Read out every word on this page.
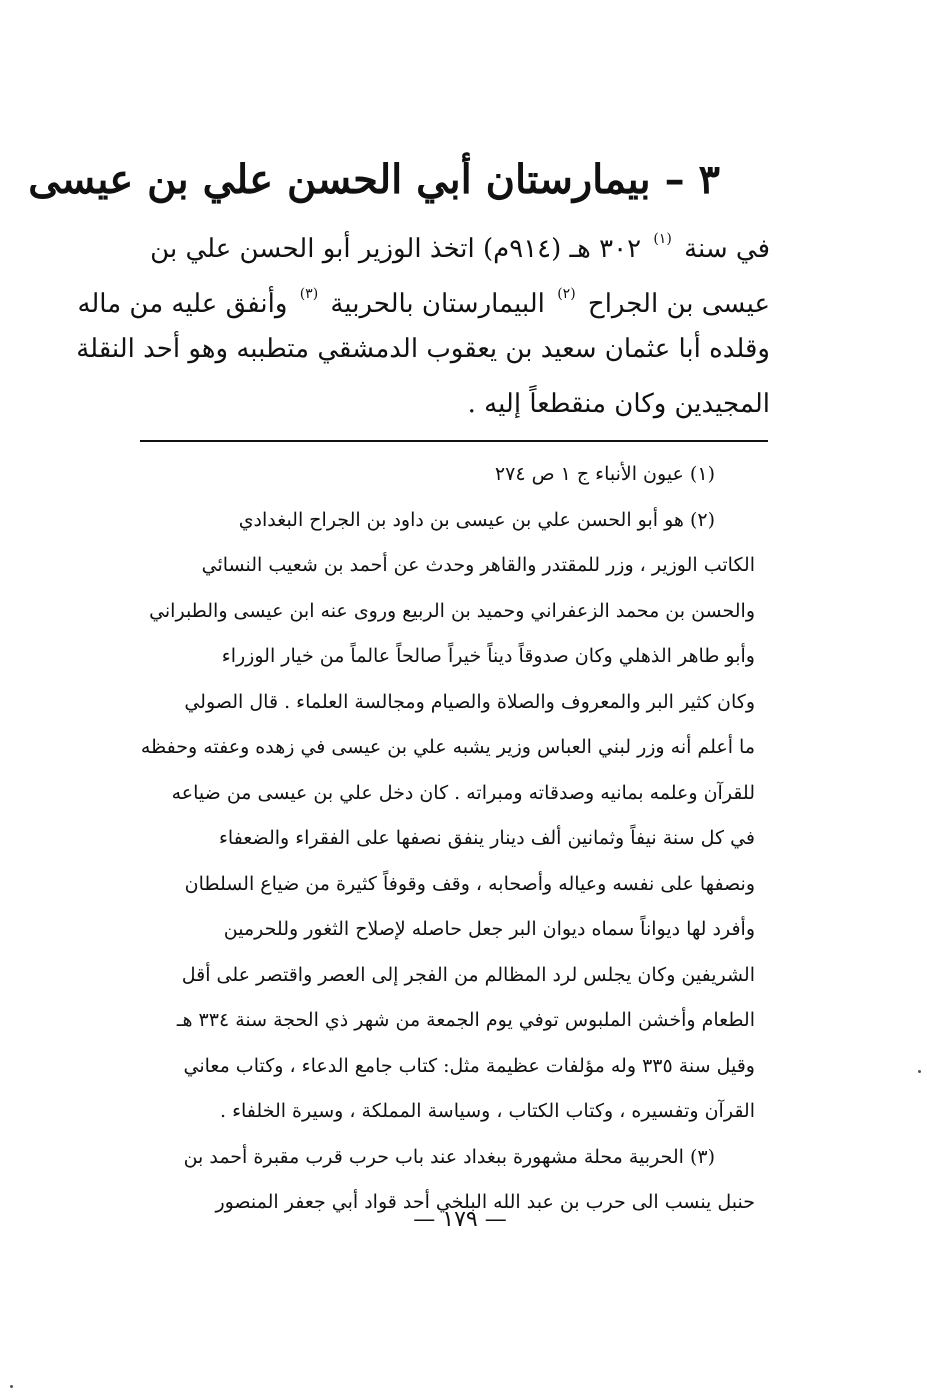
٣ – بيمارستان أبي الحسن علي بن عيسى
في سنة $^{(١)}$ ٣٠٢ هـ (٩١٤م) اتخذ الوزير أبو الحسن علي بن
عيسى بن الجراح $^{(٢)}$ البيمارستان بالحربية $^{(٣)}$ وأنفق عليه من ماله
وقلده أبا عثمان سعيد بن يعقوب الدمشقي متطببه وهو أحد النقلة
المجيدين وكان منقطعاً إليه .
(١) عيون الأنباء ج ١ ص ٢٧٤
(٢) هو أبو الحسن علي بن عيسى بن داود بن الجراح البغدادي
الكاتب الوزير ، وزر للمقتدر والقاهر وحدث عن أحمد بن شعيب النسائي
والحسن بن محمد الزعفراني وحميد بن الربيع وروى عنه ابن عيسى والطبراني
وأبو طاهر الذهلي وكان صدوقاً ديناً خيراً صالحاً عالماً من خيار الوزراء
وكان كثير البر والمعروف والصلاة والصيام ومجالسة العلماء . قال الصولي
ما أعلم أنه وزر لبني العباس وزير يشبه علي بن عيسى في زهده وعفته وحفظه
للقرآن وعلمه بمانيه وصدقاته ومبراته . كان دخل علي بن عيسى من ضياعه
في كل سنة نيفاً وثمانين ألف دينار ينفق نصفها على الفقراء والضعفاء
ونصفها على نفسه وعياله وأصحابه ، وقف وقوفاً كثيرة من ضياع السلطان
وأفرد لها ديواناً سماه ديوان البر جعل حاصله لإصلاح الثغور وللحرمين
الشريفين وكان يجلس لرد المظالم من الفجر إلى العصر واقتصر على أقل
الطعام وأخشن الملبوس توفي يوم الجمعة من شهر ذي الحجة سنة ٣٣٤ هـ
وقيل سنة ٣٣٥ وله مؤلفات عظيمة مثل: كتاب جامع الدعاء ، وكتاب معاني
القرآن وتفسيره ، وكتاب الكتاب ، وسياسة المملكة ، وسيرة الخلفاء .
(٣) الحربية محلة مشهورة ببغداد عند باب حرب قرب مقبرة أحمد بن
حنبل ينسب الى حرب بن عبد الله البلخي أحد قواد أبي جعفر المنصور
— ١٧٩ —
